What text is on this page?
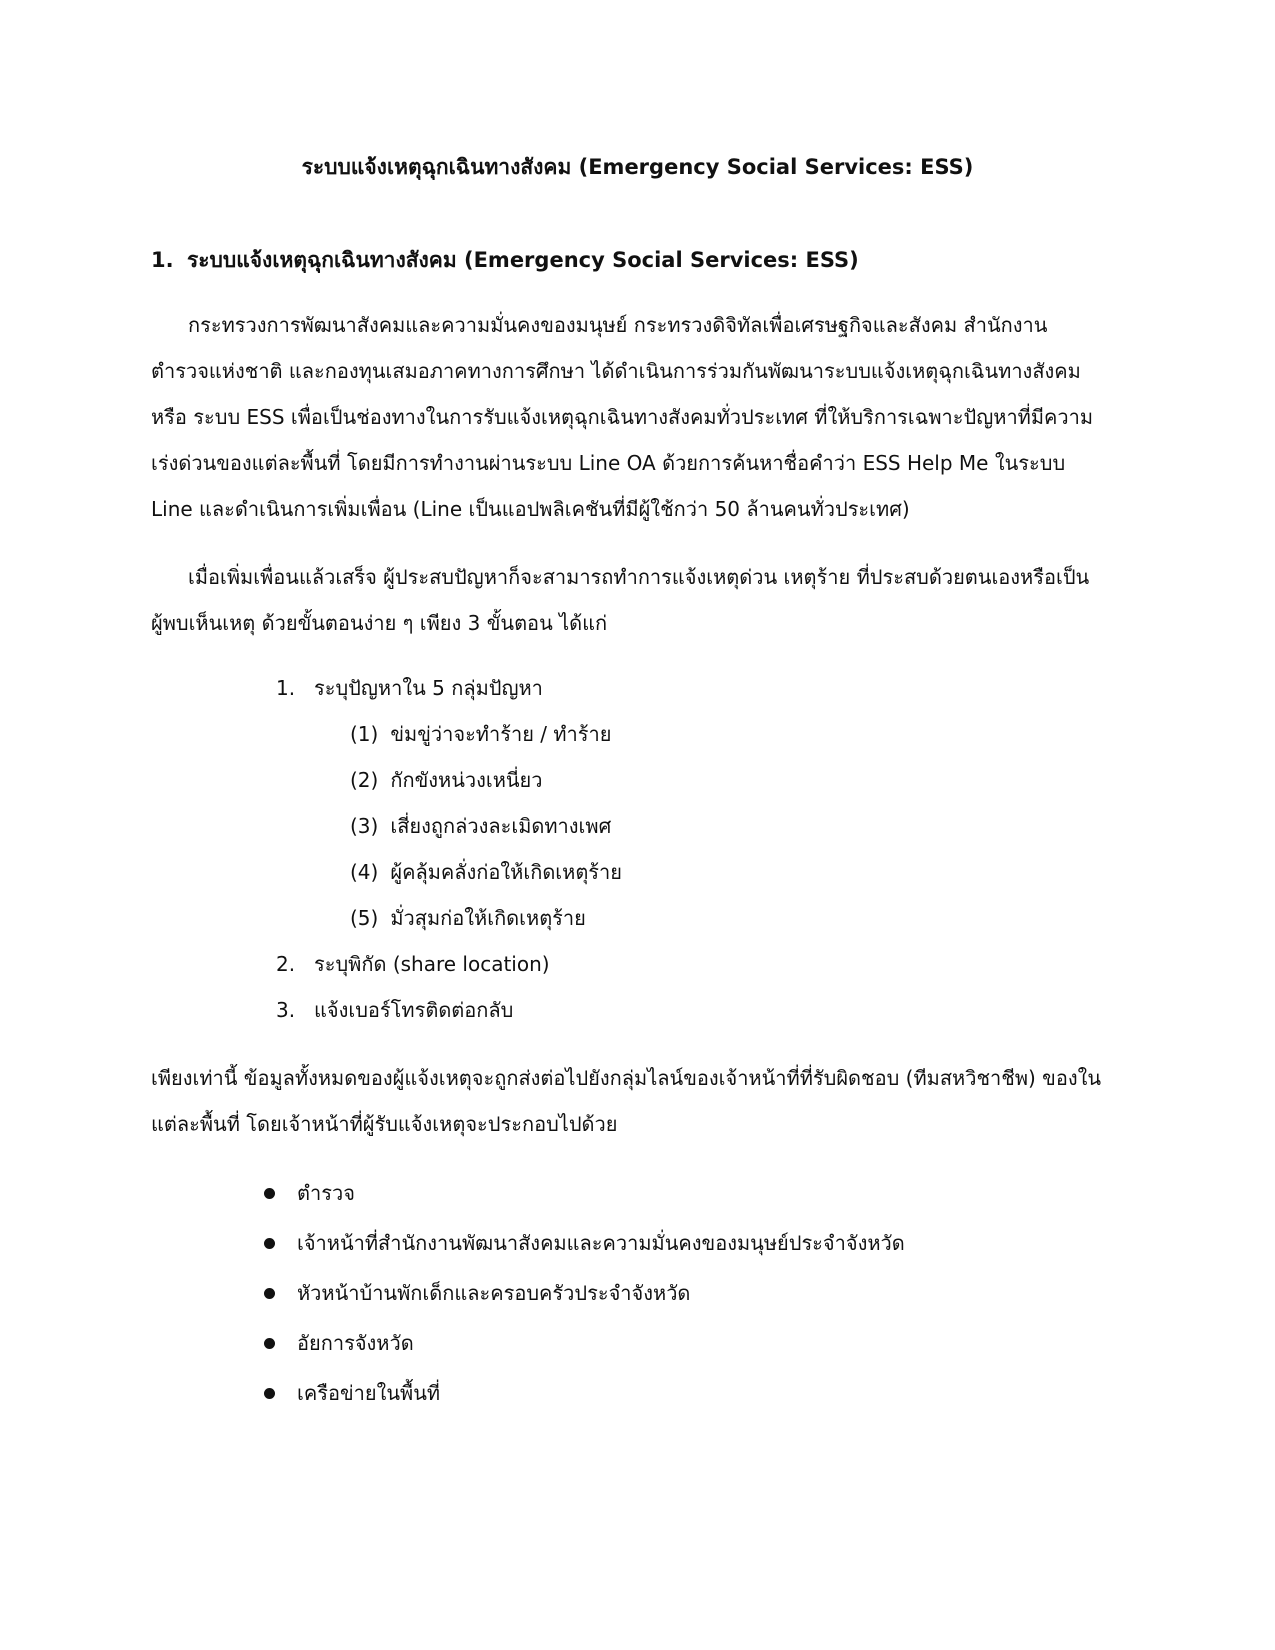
ระบบแจ้งเหตุฉุกเฉินทางสังคม (Emergency Social Services: ESS)
1. ระบบแจ้งเหตุฉุกเฉินทางสังคม (Emergency Social Services: ESS)

กระทรวงการพัฒนาสังคมและความมั่นคงของมนุษย์ กระทรวงดิจิทัลเพื่อเศรษฐกิจและสังคม สำนักงาน
ตำรวจแห่งชาติ และกองทุนเสมอภาคทางการศึกษา ได้ดำเนินการร่วมกันพัฒนาระบบแจ้งเหตุฉุกเฉินทางสังคม
หรือ ระบบ ESS เพื่อเป็นช่องทางในการรับแจ้งเหตุฉุกเฉินทางสังคมทั่วประเทศ ที่ให้บริการเฉพาะปัญหาที่มีความ
เร่งด่วนของแต่ละพื้นที่ โดยมีการทำงานผ่านระบบ Line OA ด้วยการค้นหาชื่อคำว่า ESS Help Me ในระบบ
Line และดำเนินการเพิ่มเพื่อน (Line เป็นแอปพลิเคชันที่มีผู้ใช้กว่า 50 ล้านคนทั่วประเทศ)

เมื่อเพิ่มเพื่อนแล้วเสร็จ ผู้ประสบปัญหาก็จะสามารถทำการแจ้งเหตุด่วน เหตุร้าย ที่ประสบด้วยตนเองหรือเป็น
ผู้พบเห็นเหตุ ด้วยขั้นตอนง่าย ๆ เพียง 3 ขั้นตอน ได้แก่

1. ระบุปัญหาใน 5 กลุ่มปัญหา
(1) ข่มขู่ว่าจะทำร้าย / ทำร้าย
(2) กักขังหน่วงเหนี่ยว
(3) เสี่ยงถูกล่วงละเมิดทางเพศ
(4) ผู้คลุ้มคลั่งก่อให้เกิดเหตุร้าย
(5) มั่วสุมก่อให้เกิดเหตุร้าย
2. ระบุพิกัด (share location)
3. แจ้งเบอร์โทรติดต่อกลับ

เพียงเท่านี้ ข้อมูลทั้งหมดของผู้แจ้งเหตุจะถูกส่งต่อไปยังกลุ่มไลน์ของเจ้าหน้าที่ที่รับผิดชอบ (ทีมสหวิชาชีพ) ของใน
แต่ละพื้นที่ โดยเจ้าหน้าที่ผู้รับแจ้งเหตุจะประกอบไปด้วย

ตำรวจ
เจ้าหน้าที่สำนักงานพัฒนาสังคมและความมั่นคงของมนุษย์ประจำจังหวัด
หัวหน้าบ้านพักเด็กและครอบครัวประจำจังหวัด
อัยการจังหวัด
เครือข่ายในพื้นที่
